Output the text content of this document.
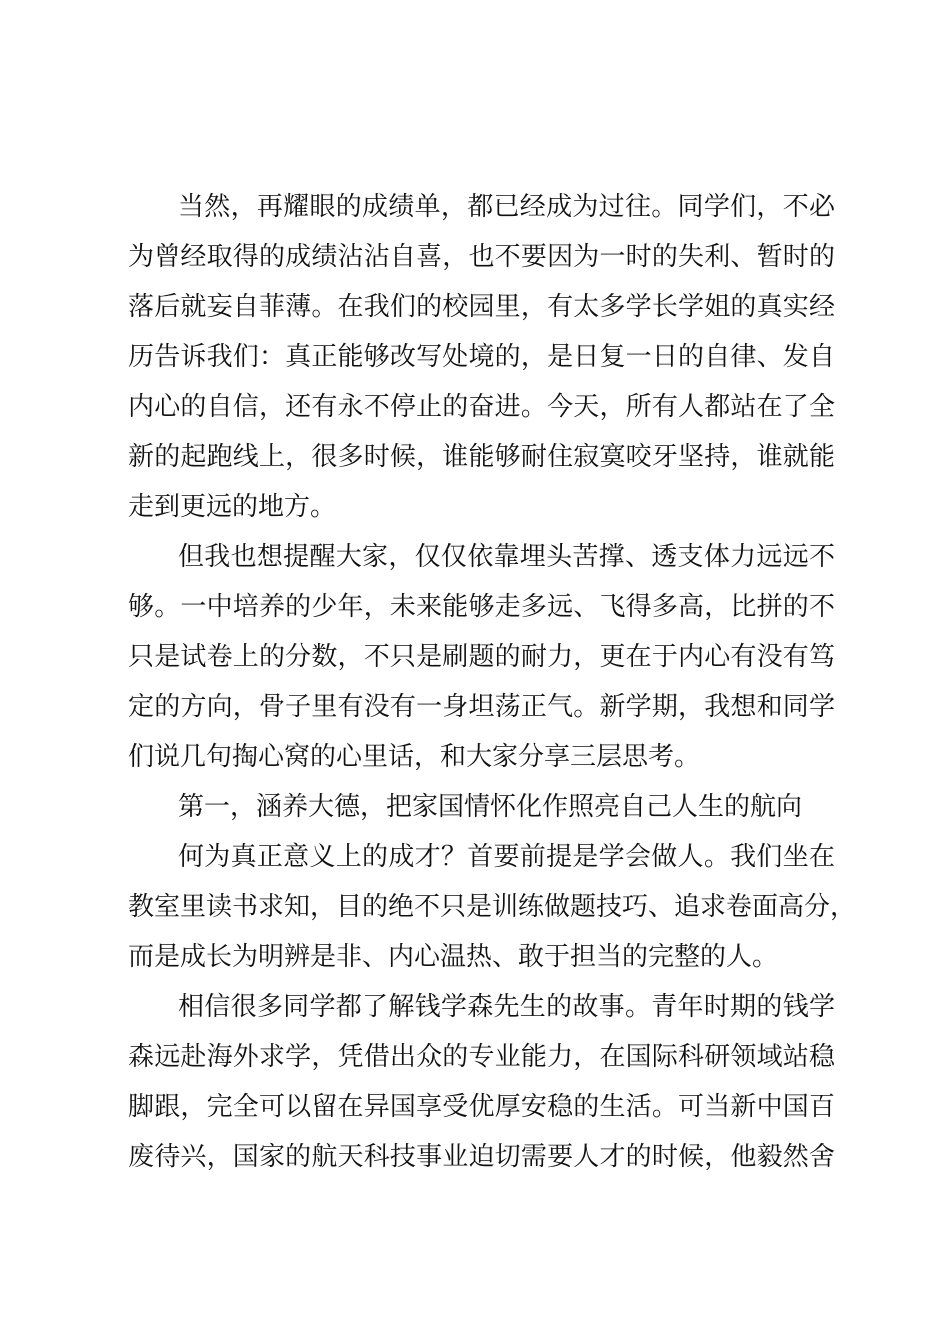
当然，再耀眼的成绩单，都已经成为过往。同学们，不必
为曾经取得的成绩沾沾自喜，也不要因为一时的失利、暂时的
落后就妄自菲薄。在我们的校园里，有太多学长学姐的真实经
历告诉我们：真正能够改写处境的，是日复一日的自律、发自
内心的自信，还有永不停止的奋进。今天，所有人都站在了全
新的起跑线上，很多时候，谁能够耐住寂寞咬牙坚持，谁就能
走到更远的地方。
但我也想提醒大家，仅仅依靠埋头苦撑、透支体力远远不
够。一中培养的少年，未来能够走多远、飞得多高，比拼的不
只是试卷上的分数，不只是刷题的耐力，更在于内心有没有笃
定的方向，骨子里有没有一身坦荡正气。新学期，我想和同学
们说几句掏心窝的心里话，和大家分享三层思考。
第一，涵养大德，把家国情怀化作照亮自己人生的航向
何为真正意义上的成才？首要前提是学会做人。我们坐在
教室里读书求知，目的绝不只是训练做题技巧、追求卷面高分，
而是成长为明辨是非、内心温热、敢于担当的完整的人。
相信很多同学都了解钱学森先生的故事。青年时期的钱学
森远赴海外求学，凭借出众的专业能力，在国际科研领域站稳
脚跟，完全可以留在异国享受优厚安稳的生活。可当新中国百
废待兴，国家的航天科技事业迫切需要人才的时候，他毅然舍
